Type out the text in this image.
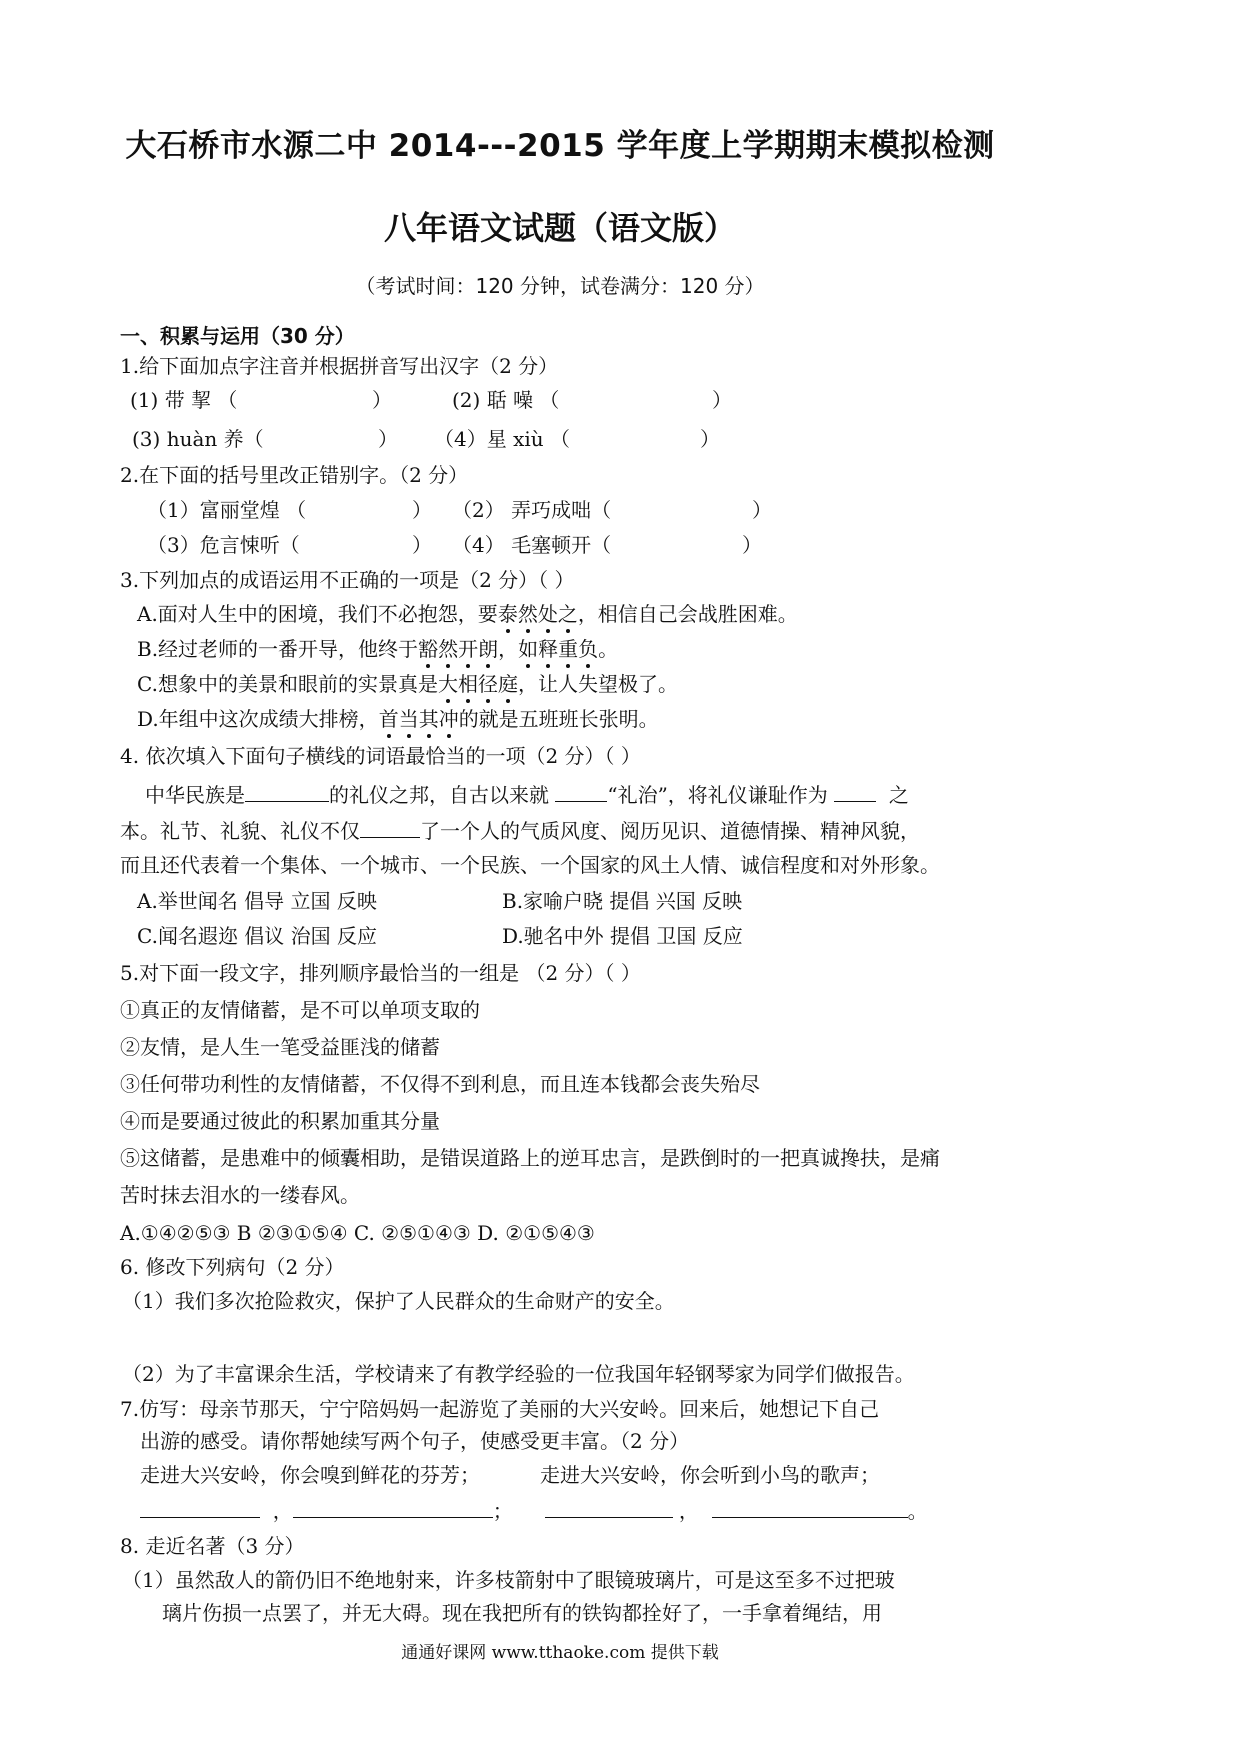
大石桥市水源二中 2014---2015 学年度上学期期末模拟检测
八年语文试题（语文版）
（考试时间：120 分钟，试卷满分：120 分）
一、积累与运用（30 分）
1.给下面加点字注音并根据拼音写出汉字（2 分）
(1) 带 挈 （	）	(2) 聒 噪 （	）
(3) huàn 养（	） （4）星 xiù （	）
2.在下面的括号里改正错别字。（2 分）
（1）富丽堂煌 （	） （2） 弄巧成咄（	）
（3）危言悚听（	） （4） 毛塞顿开（	）
3.下列加点的成语运用不正确的一项是（2 分）（ ）
A.面对人生中的困境，我们不必抱怨，要泰然处之，相信自己会战胜困难。
B.经过老师的一番开导，他终于豁然开朗，如释重负。
C.想象中的美景和眼前的实景真是大相径庭，让人失望极了。
D.年组中这次成绩大排榜，首当其冲的就是五班班长张明。
4. 依次填入下面句子横线的词语最恰当的一项（2 分）（ ）
中华民族是	的礼仪之邦，自古以来就	“礼治”，将礼仪谦耻作为	之
本。礼节、礼貌、礼仪不仅	了一个人的气质风度、阅历见识、道德情操、精神风貌，
而且还代表着一个集体、一个城市、一个民族、一个国家的风土人情、诚信程度和对外形象。
A.举世闻名 倡导 立国 反映	B.家喻户晓 提倡 兴国 反映
C.闻名遐迩 倡议 治国 反应	D.驰名中外 提倡 卫国 反应
5.对下面一段文字，排列顺序最恰当的一组是 （2 分）（ ）
①真正的友情储蓄，是不可以单项支取的
②友情，是人生一笔受益匪浅的储蓄
③任何带功利性的友情储蓄，不仅得不到利息，而且连本钱都会丧失殆尽
④而是要通过彼此的积累加重其分量
⑤这储蓄，是患难中的倾囊相助，是错误道路上的逆耳忠言，是跌倒时的一把真诚搀扶，是痛
苦时抹去泪水的一缕春风。
A.①④②⑤③ B ②③①⑤④ C. ②⑤①④③ D. ②①⑤④③
6. 修改下列病句（2 分）
（1）我们多次抢险救灾，保护了人民群众的生命财产的安全。
（2）为了丰富课余生活，学校请来了有教学经验的一位我国年轻钢琴家为同学们做报告。
7.仿写：母亲节那天，宁宁陪妈妈一起游览了美丽的大兴安岭。回来后，她想记下自己
出游的感受。请你帮她续写两个句子，使感受更丰富。（2 分）
走进大兴安岭，你会嗅到鲜花的芬芳；	走进大兴安岭，你会听到小鸟的歌声；
，	；	，	。
8. 走近名著（3 分）
（1）虽然敌人的箭仍旧不绝地射来，许多枝箭射中了眼镜玻璃片，可是这至多不过把玻
璃片伤损一点罢了，并无大碍。现在我把所有的铁钩都拴好了，一手拿着绳结，用
通通好课网 www.tthaoke.com 提供下载
